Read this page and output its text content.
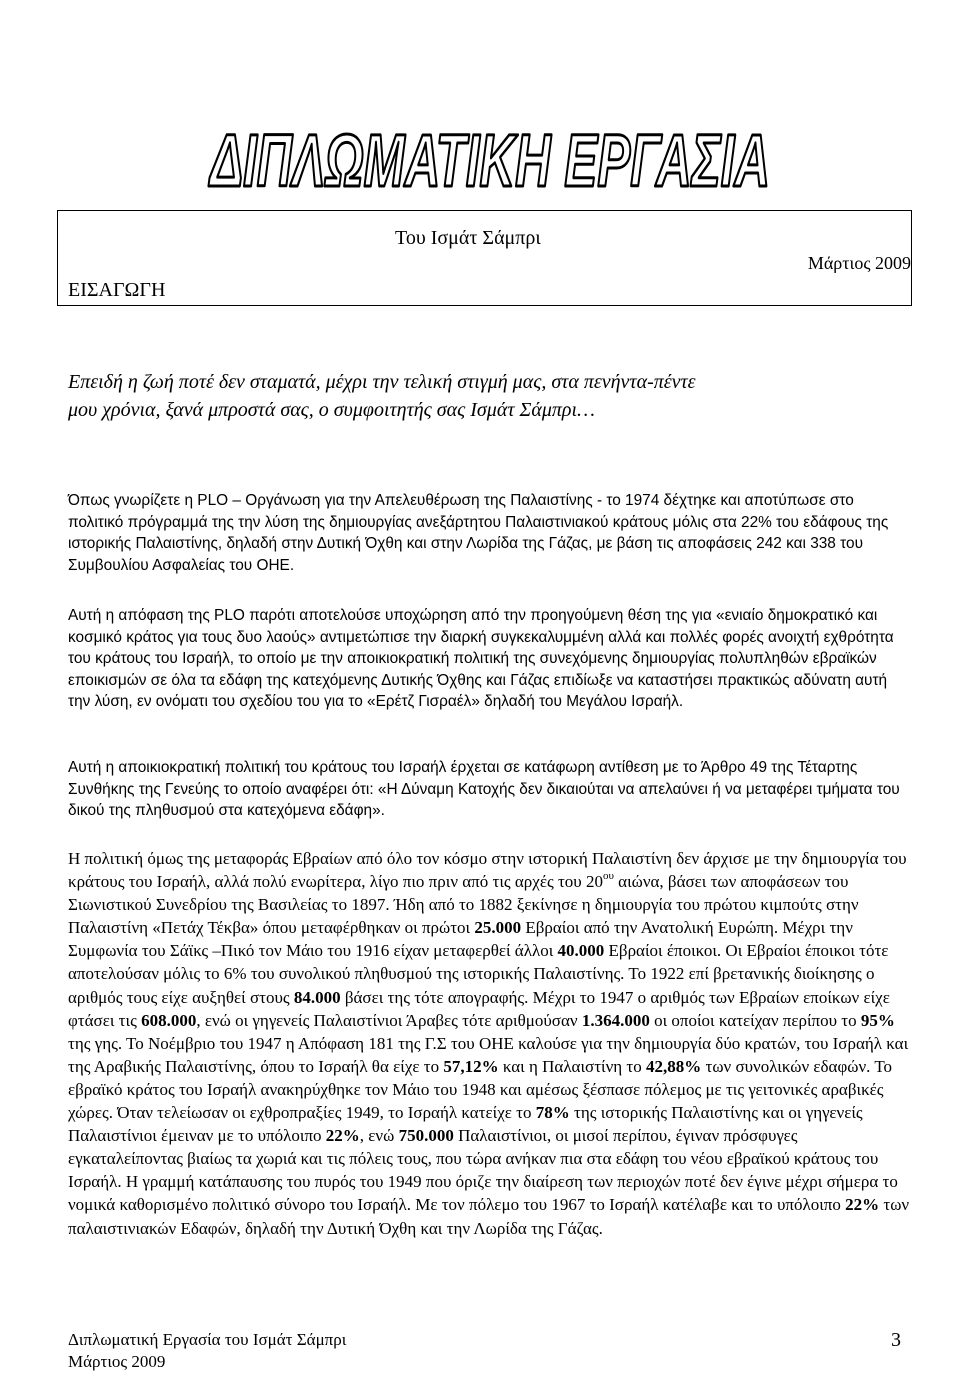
ΔΙΠΛΩΜΑΤΙΚΗ ΕΡΓΑΣΙΑ
Του Ισμάτ Σάμπρι
Μάρτιος 2009
ΕΙΣΑΓΩΓΗ

Επειδή η ζωή ποτέ δεν σταματά, μέχρι την τελική στιγμή μας, στα πενήντα-πέντε

μου χρόνια, ξανά μπροστά σας, ο συμφοιτητής σας Ισμάτ Σάμπρι…

Όπως γνωρίζετε η PLO – Οργάνωση για την Απελευθέρωση της Παλαιστίνης - το 1974 δέχτηκε και αποτύπωσε στο πολιτικό πρόγραμμά της την λύση της δημιουργίας ανεξάρτητου Παλαιστινιακού κράτους μόλις στα 22% του εδάφους της ιστορικής Παλαιστίνης, δηλαδή στην Δυτική Όχθη και στην Λωρίδα της Γάζας, με βάση τις αποφάσεις 242 και 338 του Συμβουλίου Ασφαλείας του ΟΗΕ.

Αυτή η απόφαση της PLO παρότι αποτελούσε υποχώρηση από την προηγούμενη θέση της για «ενιαίο δημοκρατικό και κοσμικό κράτος για τους δυο λαούς» αντιμετώπισε την διαρκή συγκεκαλυμμένη αλλά και πολλές φορές ανοιχτή εχθρότητα του κράτους του Ισραήλ, το οποίο με την αποικιοκρατική πολιτική της συνεχόμενης δημιουργίας πολυπληθών εβραϊκών εποικισμών σε όλα τα εδάφη της κατεχόμενης Δυτικής Όχθης και Γάζας επιδίωξε να καταστήσει πρακτικώς αδύνατη αυτή την λύση, εν ονόματι του σχεδίου του για το «Ερέτζ Γισραέλ» δηλαδή του Μεγάλου Ισραήλ.

Αυτή η αποικιοκρατική πολιτική του κράτους του Ισραήλ έρχεται σε κατάφωρη αντίθεση με το Άρθρο 49 της Τέταρτης Συνθήκης της Γενεύης το οποίο αναφέρει ότι: «Η Δύναμη Κατοχής δεν δικαιούται να απελαύνει ή να μεταφέρει τμήματα του δικού της πληθυσμού στα κατεχόμενα εδάφη».

Η πολιτική όμως της μεταφοράς Εβραίων από όλο τον κόσμο στην ιστορική Παλαιστίνη δεν άρχισε με την δημιουργία του κράτους του Ισραήλ, αλλά πολύ ενωρίτερα, λίγο πιο πριν από τις αρχές του $20^{o\upsilon}$ αιώνα, βάσει των αποφάσεων του Σιωνιστικού Συνεδρίου της Βασιλείας το 1897. Ήδη από το 1882 ξεκίνησε η δημιουργία του πρώτου κιμπούτς στην Παλαιστίνη «Πετάχ Τέκβα» όπου μεταφέρθηκαν οι πρώτοι 25.000 Εβραίοι από την Ανατολική Ευρώπη. Μέχρι την Συμφωνία του Σάϊκς –Πικό τον Μάιο του 1916 είχαν μεταφερθεί άλλοι 40.000 Εβραίοι έποικοι. Οι Εβραίοι έποικοι τότε αποτελούσαν μόλις το 6% του συνολικού πληθυσμού της ιστορικής Παλαιστίνης. Το 1922 επί βρετανικής διοίκησης ο αριθμός τους είχε αυξηθεί στους 84.000 βάσει της τότε απογραφής. Μέχρι το 1947 ο αριθμός των Εβραίων εποίκων είχε φτάσει τις 608.000, ενώ οι γηγενείς Παλαιστίνιοι Άραβες τότε αριθμούσαν 1.364.000 οι οποίοι κατείχαν περίπου το 95% της γης. Το Νοέμβριο του 1947 η Απόφαση 181 της Γ.Σ του ΟΗΕ καλούσε για την δημιουργία δύο κρατών, του Ισραήλ και της Αραβικής Παλαιστίνης, όπου το Ισραήλ θα είχε το 57,12% και η Παλαιστίνη το 42,88% των συνολικών εδαφών. Το εβραϊκό κράτος του Ισραήλ ανακηρύχθηκε τον Μάιο του 1948 και αμέσως ξέσπασε πόλεμος με τις γειτονικές αραβικές χώρες. Όταν τελείωσαν οι εχθροπραξίες 1949, το Ισραήλ κατείχε το 78% της ιστορικής Παλαιστίνης και οι γηγενείς Παλαιστίνιοι έμειναν με το υπόλοιπο 22%, ενώ 750.000 Παλαιστίνιοι, οι μισοί περίπου, έγιναν πρόσφυγες εγκαταλείποντας βιαίως τα χωριά και τις πόλεις τους, που τώρα ανήκαν πια στα εδάφη του νέου εβραϊκού κράτους του Ισραήλ. Η γραμμή κατάπαυσης του πυρός του 1949 που όριζε την διαίρεση των περιοχών ποτέ δεν έγινε μέχρι σήμερα το νομικά καθορισμένο πολιτικό σύνορο του Ισραήλ. Με τον πόλεμο του 1967 το Ισραήλ κατέλαβε και το υπόλοιπο 22% των παλαιστινιακών Εδαφών, δηλαδή την Δυτική Όχθη και την Λωρίδα της Γάζας.

Διπλωματική Εργασία του Ισμάτ Σάμπρι
Μάρτιος 2009
3
